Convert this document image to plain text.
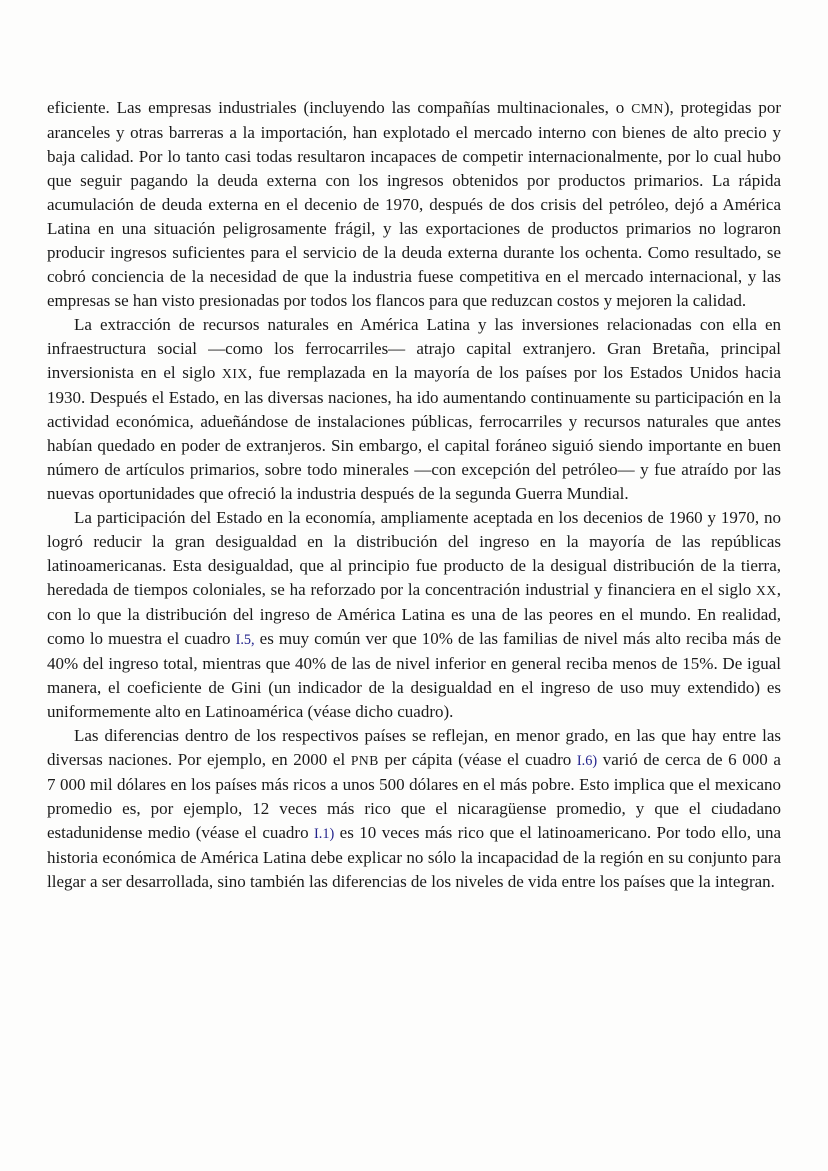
eficiente. Las empresas industriales (incluyendo las compañías multinacionales, o CMN), protegidas por aranceles y otras barreras a la importación, han explotado el mercado interno con bienes de alto precio y baja calidad. Por lo tanto casi todas resultaron incapaces de competir internacionalmente, por lo cual hubo que seguir pagando la deuda externa con los ingresos obtenidos por productos primarios. La rápida acumulación de deuda externa en el decenio de 1970, después de dos crisis del petróleo, dejó a América Latina en una situación peligrosamente frágil, y las exportaciones de productos primarios no lograron producir ingresos suficientes para el servicio de la deuda externa durante los ochenta. Como resultado, se cobró conciencia de la necesidad de que la industria fuese competitiva en el mercado internacional, y las empresas se han visto presionadas por todos los flancos para que reduzcan costos y mejoren la calidad.

La extracción de recursos naturales en América Latina y las inversiones relacionadas con ella en infraestructura social —como los ferrocarriles— atrajo capital extranjero. Gran Bretaña, principal inversionista en el siglo XIX, fue remplazada en la mayoría de los países por los Estados Unidos hacia 1930. Después el Estado, en las diversas naciones, ha ido aumentando continuamente su participación en la actividad económica, adueñándose de instalaciones públicas, ferrocarriles y recursos naturales que antes habían quedado en poder de extranjeros. Sin embargo, el capital foráneo siguió siendo importante en buen número de artículos primarios, sobre todo minerales —con excepción del petróleo— y fue atraído por las nuevas oportunidades que ofreció la industria después de la segunda Guerra Mundial.

La participación del Estado en la economía, ampliamente aceptada en los decenios de 1960 y 1970, no logró reducir la gran desigualdad en la distribución del ingreso en la mayoría de las repúblicas latinoamericanas. Esta desigualdad, que al principio fue producto de la desigual distribución de la tierra, heredada de tiempos coloniales, se ha reforzado por la concentración industrial y financiera en el siglo XX, con lo que la distribución del ingreso de América Latina es una de las peores en el mundo. En realidad, como lo muestra el cuadro I.5, es muy común ver que 10% de las familias de nivel más alto reciba más de 40% del ingreso total, mientras que 40% de las de nivel inferior en general reciba menos de 15%. De igual manera, el coeficiente de Gini (un indicador de la desigualdad en el ingreso de uso muy extendido) es uniformemente alto en Latinoamérica (véase dicho cuadro).

Las diferencias dentro de los respectivos países se reflejan, en menor grado, en las que hay entre las diversas naciones. Por ejemplo, en 2000 el PNB per cápita (véase el cuadro I.6) varió de cerca de 6 000 a 7 000 mil dólares en los países más ricos a unos 500 dólares en el más pobre. Esto implica que el mexicano promedio es, por ejemplo, 12 veces más rico que el nicaragüense promedio, y que el ciudadano estadunidense medio (véase el cuadro I.1) es 10 veces más rico que el latinoamericano. Por todo ello, una historia económica de América Latina debe explicar no sólo la incapacidad de la región en su conjunto para llegar a ser desarrollada, sino también las diferencias de los niveles de vida entre los países que la integran.
